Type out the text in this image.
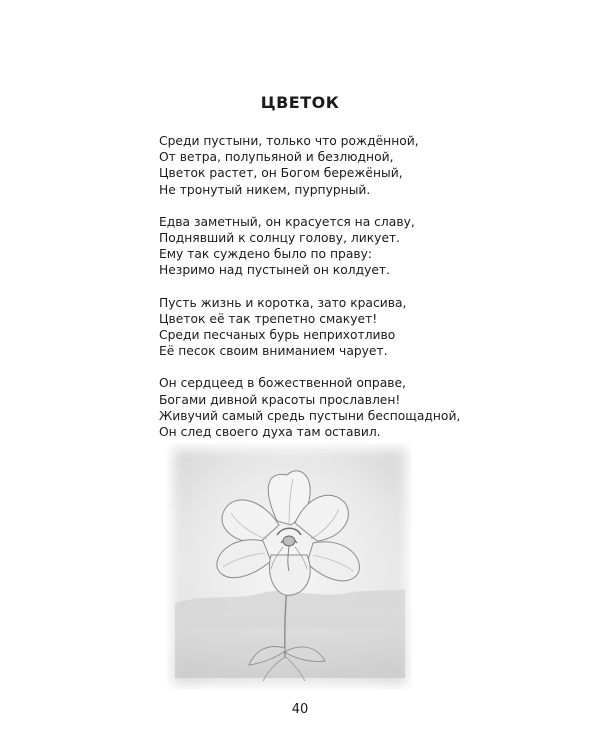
ЦВЕТОК
Среди пустыни, только что рождённой,
От ветра, полупьяной и безлюдной,
Цветок растет, он Богом бережёный,
Не тронутый никем, пурпурный.
Едва заметный, он красуется на славу,
Поднявший к солнцу голову, ликует.
Ему так суждено было по праву:
Незримо над пустыней он колдует.
Пусть жизнь и коротка, зато красива,
Цветок её так трепетно смакует!
Среди песчаных бурь неприхотливо
Её песок своим вниманием чарует.
Он сердцеед в божественной оправе,
Богами дивной красоты прославлен!
Живучий самый средь пустыни беспощадной,
Он след своего духа там оставил.
40
